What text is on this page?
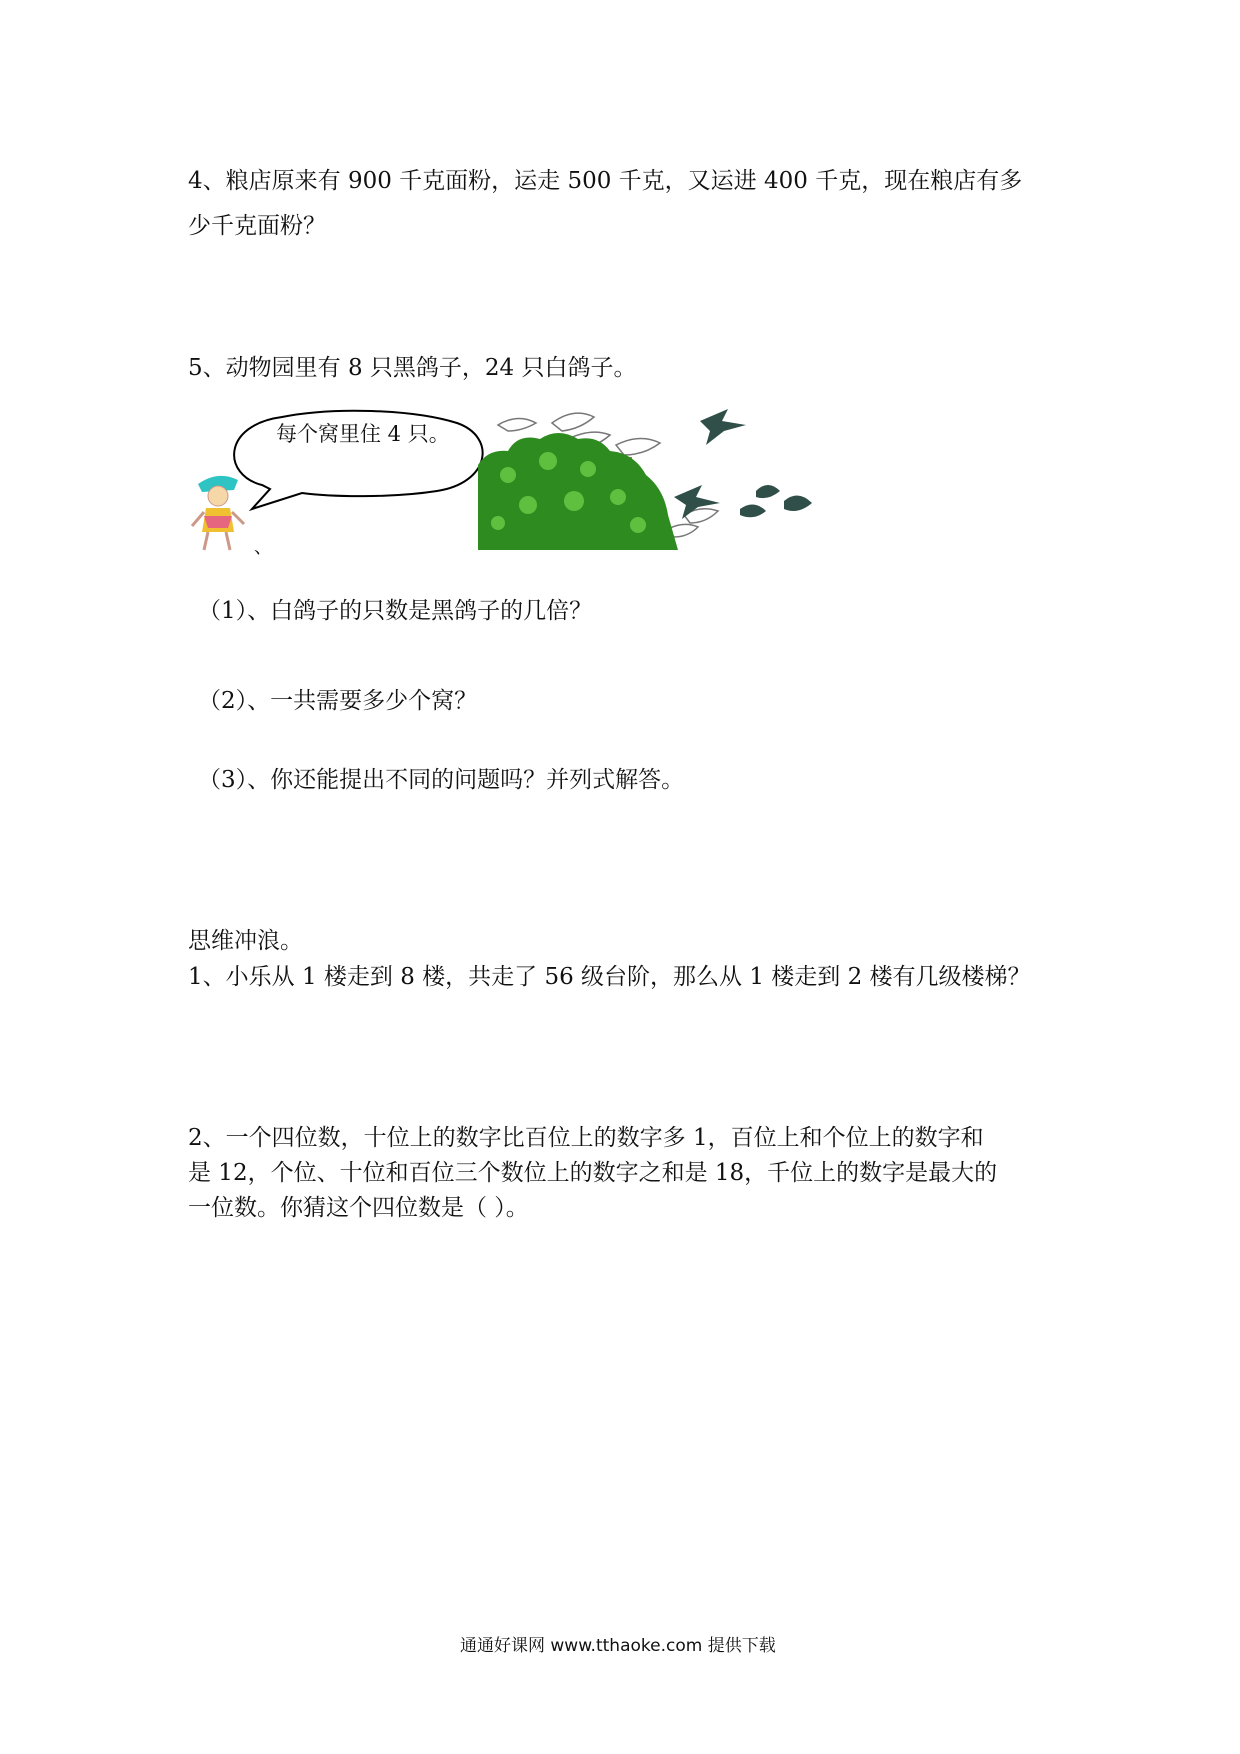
4、粮店原来有 900 千克面粉，运走 500 千克，又运进 400 千克，现在粮店有多
少千克面粉？
5、动物园里有 8 只黑鸽子，24 只白鸽子。
每个窝里住 4 只。
、
（1）、白鸽子的只数是黑鸽子的几倍？
（2）、一共需要多少个窝？
（3）、你还能提出不同的问题吗？并列式解答。
思维冲浪。
1、小乐从 1 楼走到 8 楼，共走了 56 级台阶，那么从 1 楼走到 2 楼有几级楼梯？
2、一个四位数，十位上的数字比百位上的数字多 1，百位上和个位上的数字和
是 12，个位、十位和百位三个数位上的数字之和是 18，千位上的数字是最大的
一位数。你猜这个四位数是（ ）。
通通好课网 www.tthaoke.com 提供下载
